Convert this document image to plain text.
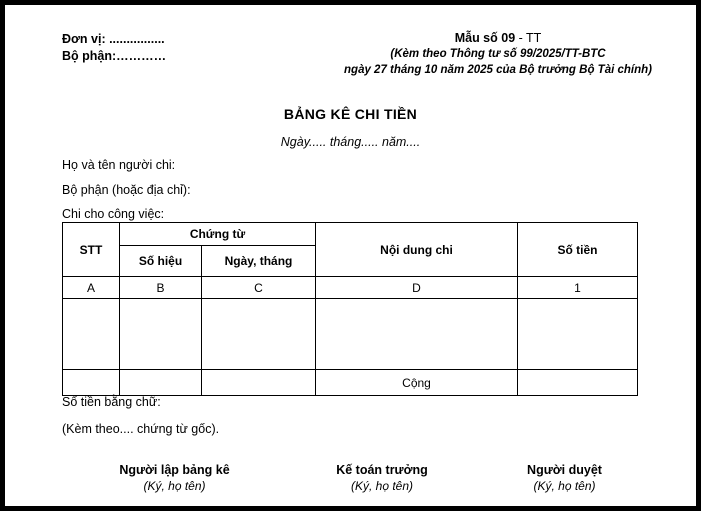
Đơn vị: ................
Bộ phận:…………
Mẫu số 09 - TT
(Kèm theo Thông tư số 99/2025/TT-BTC
ngày 27 tháng 10 năm 2025 của Bộ trưởng Bộ Tài chính)
BẢNG KÊ CHI TIỀN
Ngày..... tháng..... năm....
Họ và tên người chi:
Bộ phận (hoặc địa chỉ):
Chi cho công việc:
STT	Chứng từ		Nội dung chi	Số tiền
	Số hiệu	Ngày, tháng		
A	B	C	D	1

			Cộng	
Số tiền bằng chữ:
(Kèm theo.... chứng từ gốc).
Người lập bảng kê
(Ký, họ tên)
Kế toán trưởng
(Ký, họ tên)
Người duyệt
(Ký, họ tên)
